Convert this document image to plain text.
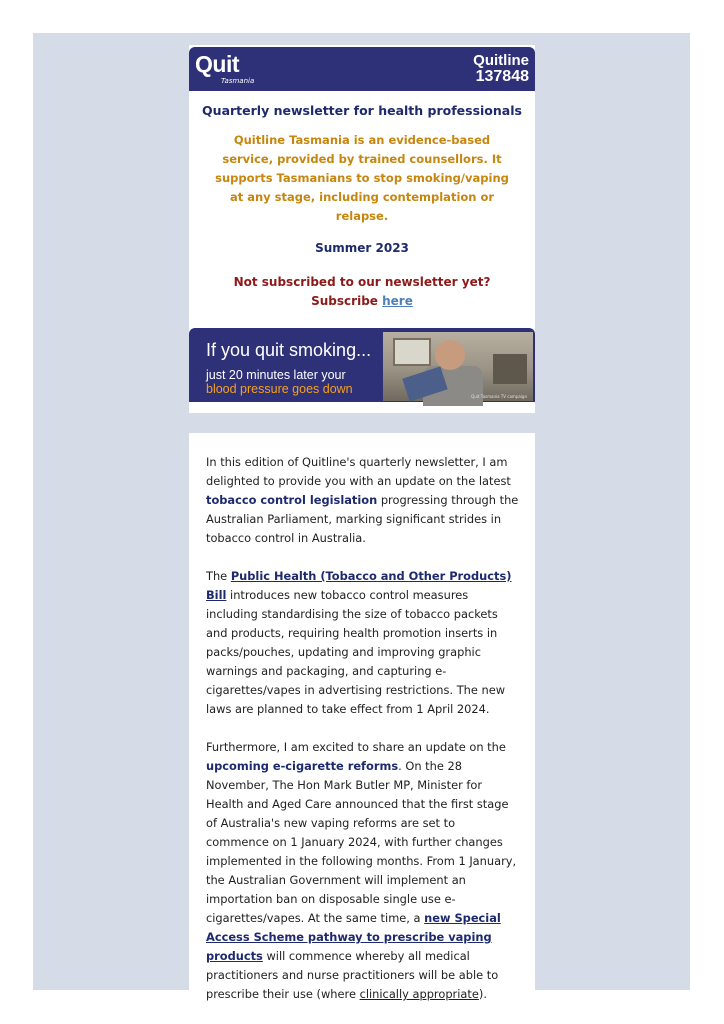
Quit
Tasmania
Quitline
137848

Quarterly newsletter for health professionals

Quitline Tasmania is an evidence-based service, provided by trained counsellors. It supports Tasmanians to stop smoking/vaping at any stage, including contemplation or relapse.

Summer 2023

Not subscribed to our newsletter yet? Subscribe here

If you quit smoking...
just 20 minutes later your
blood pressure goes down
Quit Tasmania TV campaign

In this edition of Quitline's quarterly newsletter, I am delighted to provide you with an update on the latest tobacco control legislation progressing through the Australian Parliament, marking significant strides in tobacco control in Australia.

The Public Health (Tobacco and Other Products) Bill introduces new tobacco control measures including standardising the size of tobacco packets and products, requiring health promotion inserts in packs/pouches, updating and improving graphic warnings and packaging, and capturing e-cigarettes/vapes in advertising restrictions. The new laws are planned to take effect from 1 April 2024.

Furthermore, I am excited to share an update on the upcoming e-cigarette reforms. On the 28 November, The Hon Mark Butler MP, Minister for Health and Aged Care announced that the first stage of Australia's new vaping reforms are set to commence on 1 January 2024, with further changes implemented in the following months. From 1 January, the Australian Government will implement an importation ban on disposable single use e-cigarettes/vapes. At the same time, a new Special Access Scheme pathway to prescribe vaping products will commence whereby all medical practitioners and nurse practitioners will be able to prescribe their use (where clinically appropriate).
